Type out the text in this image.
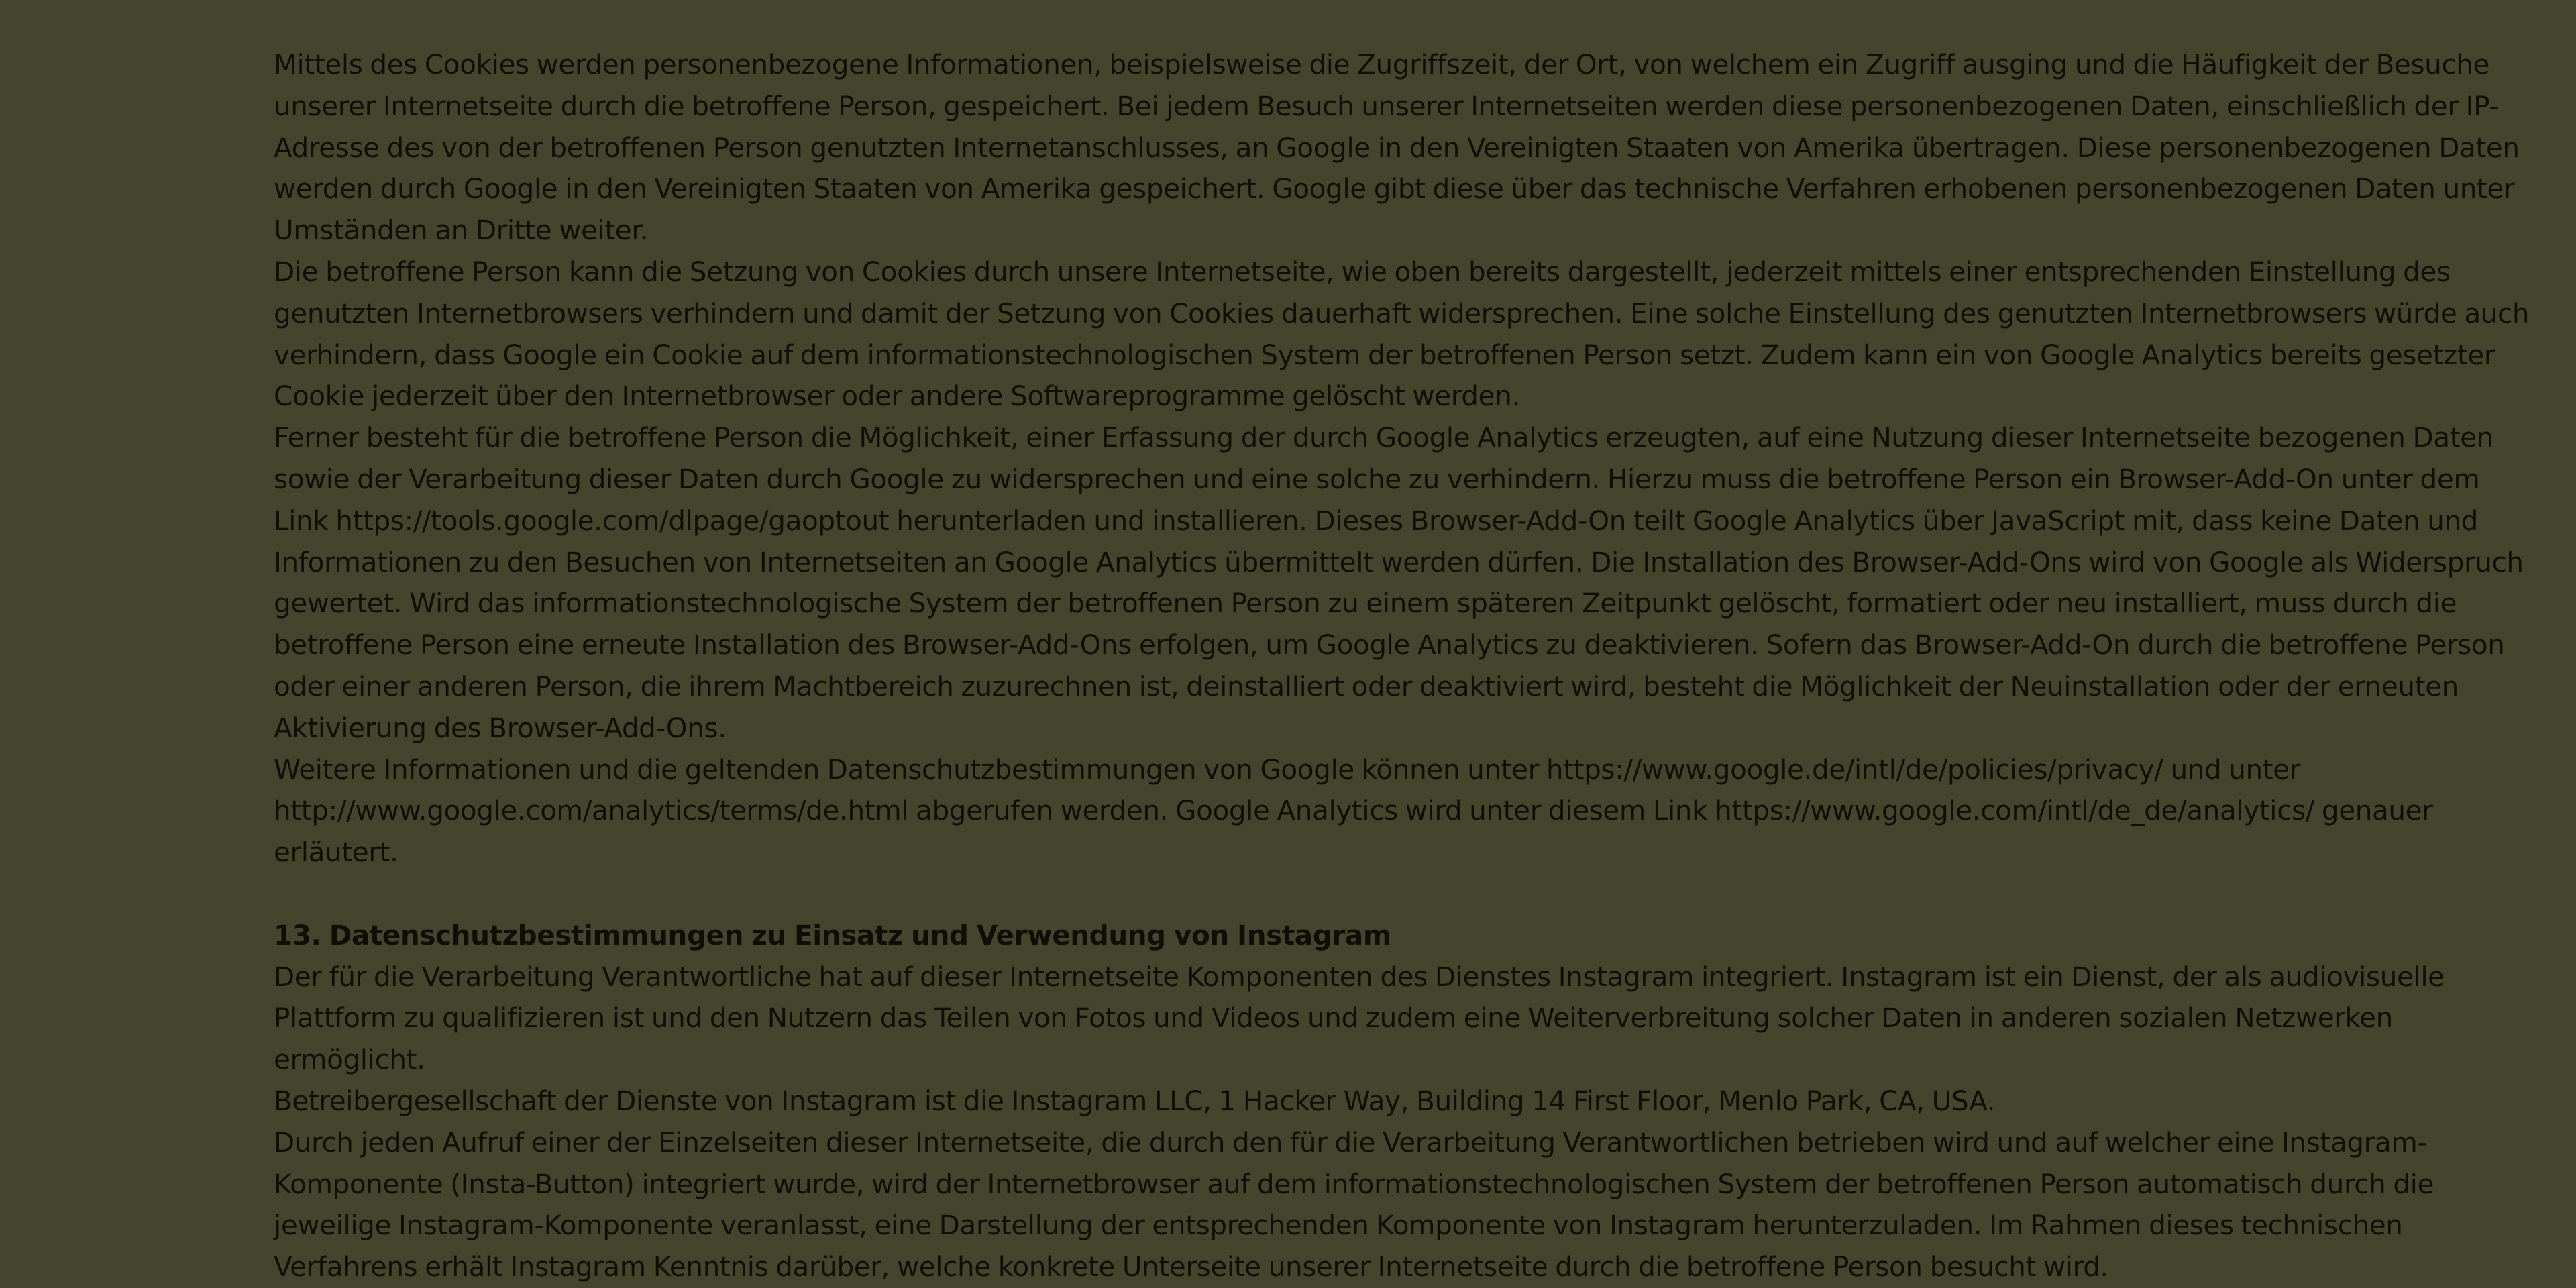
Mittels des Cookies werden personenbezogene Informationen, beispielsweise die Zugriffszeit, der Ort, von welchem ein Zugriff ausging und die Häufigkeit der Besuche unserer Internetseite durch die betroffene Person, gespeichert. Bei jedem Besuch unserer Internetseiten werden diese personenbezogenen Daten, einschließlich der IP-Adresse des von der betroffenen Person genutzten Internetanschlusses, an Google in den Vereinigten Staaten von Amerika übertragen. Diese personenbezogenen Daten werden durch Google in den Vereinigten Staaten von Amerika gespeichert. Google gibt diese über das technische Verfahren erhobenen personenbezogenen Daten unter Umständen an Dritte weiter.

Die betroffene Person kann die Setzung von Cookies durch unsere Internetseite, wie oben bereits dargestellt, jederzeit mittels einer entsprechenden Einstellung des genutzten Internetbrowsers verhindern und damit der Setzung von Cookies dauerhaft widersprechen. Eine solche Einstellung des genutzten Internetbrowsers würde auch verhindern, dass Google ein Cookie auf dem informationstechnologischen System der betroffenen Person setzt. Zudem kann ein von Google Analytics bereits gesetzter Cookie jederzeit über den Internetbrowser oder andere Softwareprogramme gelöscht werden.

Ferner besteht für die betroffene Person die Möglichkeit, einer Erfassung der durch Google Analytics erzeugten, auf eine Nutzung dieser Internetseite bezogenen Daten sowie der Verarbeitung dieser Daten durch Google zu widersprechen und eine solche zu verhindern. Hierzu muss die betroffene Person ein Browser-Add-On unter dem Link https://tools.google.com/dlpage/gaoptout herunterladen und installieren. Dieses Browser-Add-On teilt Google Analytics über JavaScript mit, dass keine Daten und Informationen zu den Besuchen von Internetseiten an Google Analytics übermittelt werden dürfen. Die Installation des Browser-Add-Ons wird von Google als Widerspruch gewertet. Wird das informationstechnologische System der betroffenen Person zu einem späteren Zeitpunkt gelöscht, formatiert oder neu installiert, muss durch die betroffene Person eine erneute Installation des Browser-Add-Ons erfolgen, um Google Analytics zu deaktivieren. Sofern das Browser-Add-On durch die betroffene Person oder einer anderen Person, die ihrem Machtbereich zuzurechnen ist, deinstalliert oder deaktiviert wird, besteht die Möglichkeit der Neuinstallation oder der erneuten Aktivierung des Browser-Add-Ons.

Weitere Informationen und die geltenden Datenschutzbestimmungen von Google können unter https://www.google.de/intl/de/policies/privacy/ und unter http://www.google.com/analytics/terms/de.html abgerufen werden. Google Analytics wird unter diesem Link https://www.google.com/intl/de_de/analytics/ genauer erläutert.

13. Datenschutzbestimmungen zu Einsatz und Verwendung von Instagram

Der für die Verarbeitung Verantwortliche hat auf dieser Internetseite Komponenten des Dienstes Instagram integriert. Instagram ist ein Dienst, der als audiovisuelle Plattform zu qualifizieren ist und den Nutzern das Teilen von Fotos und Videos und zudem eine Weiterverbreitung solcher Daten in anderen sozialen Netzwerken ermöglicht.

Betreibergesellschaft der Dienste von Instagram ist die Instagram LLC, 1 Hacker Way, Building 14 First Floor, Menlo Park, CA, USA.

Durch jeden Aufruf einer der Einzelseiten dieser Internetseite, die durch den für die Verarbeitung Verantwortlichen betrieben wird und auf welcher eine Instagram-Komponente (Insta-Button) integriert wurde, wird der Internetbrowser auf dem informationstechnologischen System der betroffenen Person automatisch durch die jeweilige Instagram-Komponente veranlasst, eine Darstellung der entsprechenden Komponente von Instagram herunterzuladen. Im Rahmen dieses technischen Verfahrens erhält Instagram Kenntnis darüber, welche konkrete Unterseite unserer Internetseite durch die betroffene Person besucht wird.
